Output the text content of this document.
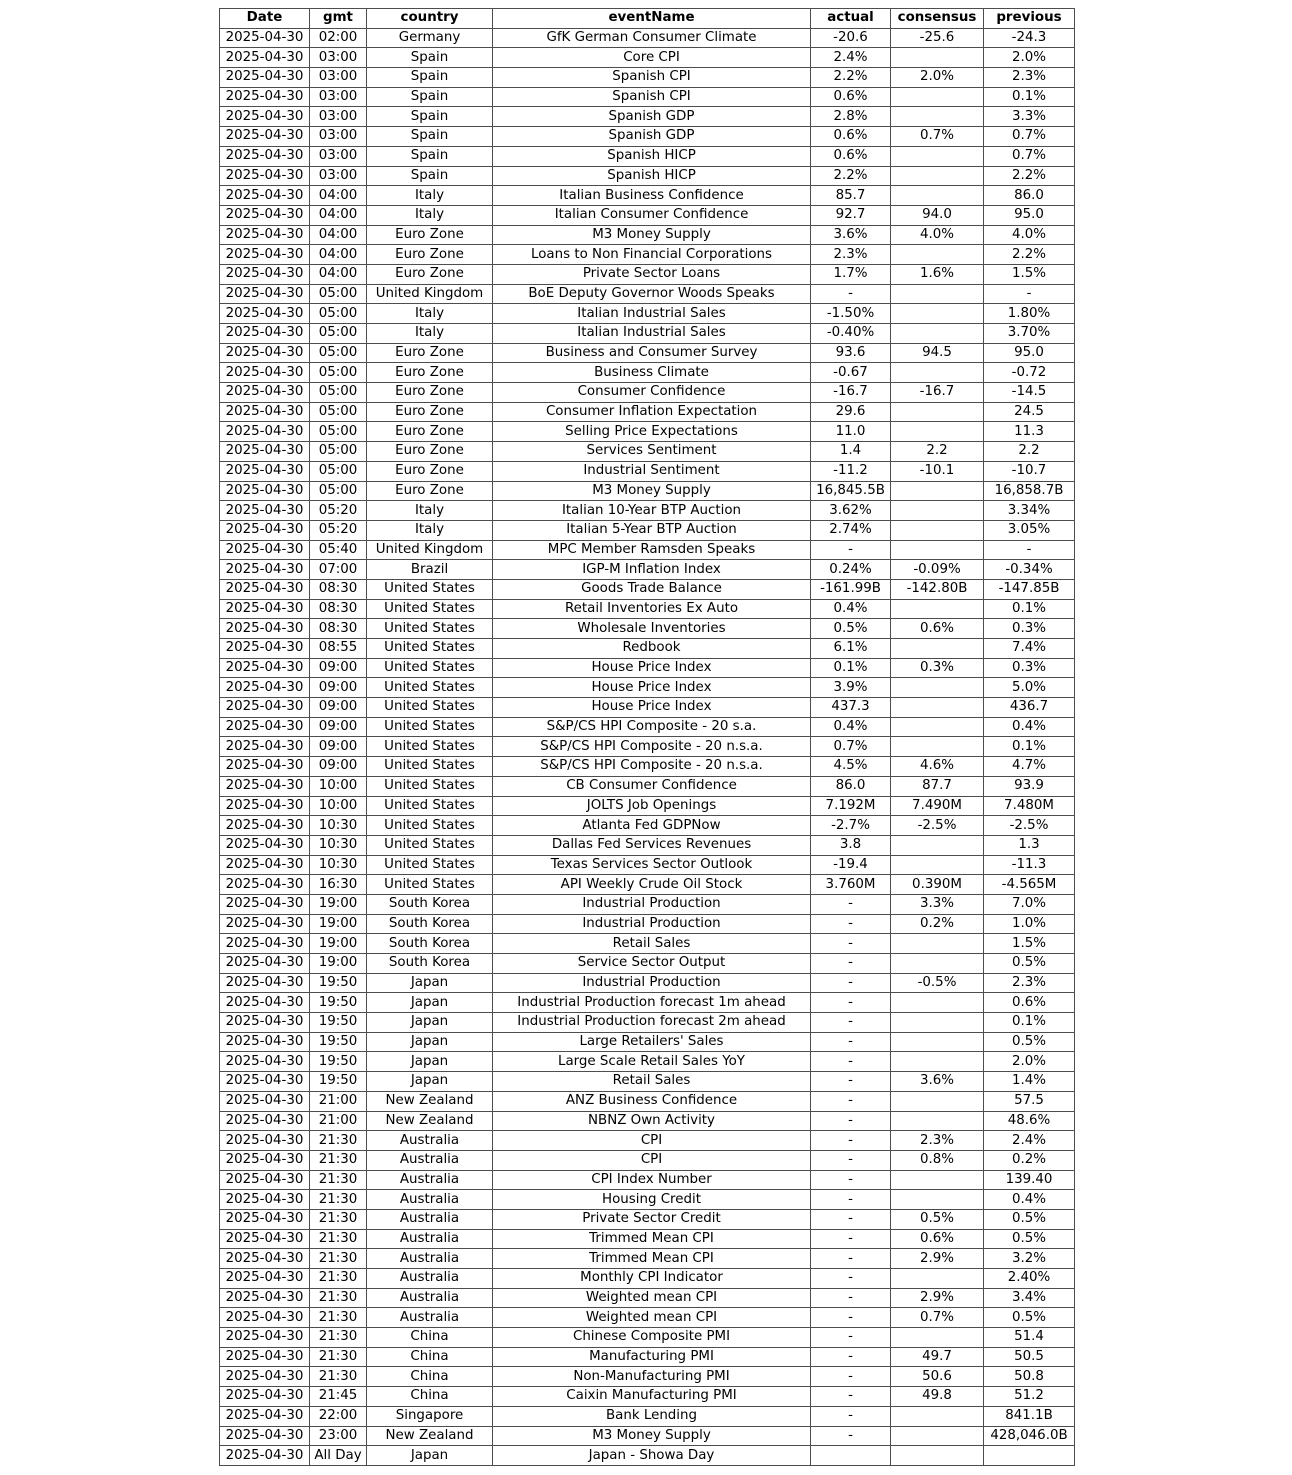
Date	gmt	country	eventName	actual	consensus	previous
2025-04-30	02:00	Germany	GfK German Consumer Climate	-20.6	-25.6	-24.3
2025-04-30	03:00	Spain	Core CPI	2.4%		2.0%
2025-04-30	03:00	Spain	Spanish CPI	2.2%	2.0%	2.3%
2025-04-30	03:00	Spain	Spanish CPI	0.6%		0.1%
2025-04-30	03:00	Spain	Spanish GDP	2.8%		3.3%
2025-04-30	03:00	Spain	Spanish GDP	0.6%	0.7%	0.7%
2025-04-30	03:00	Spain	Spanish HICP	0.6%		0.7%
2025-04-30	03:00	Spain	Spanish HICP	2.2%		2.2%
2025-04-30	04:00	Italy	Italian Business Confidence	85.7		86.0
2025-04-30	04:00	Italy	Italian Consumer Confidence	92.7	94.0	95.0
2025-04-30	04:00	Euro Zone	M3 Money Supply	3.6%	4.0%	4.0%
2025-04-30	04:00	Euro Zone	Loans to Non Financial Corporations	2.3%		2.2%
2025-04-30	04:00	Euro Zone	Private Sector Loans	1.7%	1.6%	1.5%
2025-04-30	05:00	United Kingdom	BoE Deputy Governor Woods Speaks	-		-
2025-04-30	05:00	Italy	Italian Industrial Sales	-1.50%		1.80%
2025-04-30	05:00	Italy	Italian Industrial Sales	-0.40%		3.70%
2025-04-30	05:00	Euro Zone	Business and Consumer Survey	93.6	94.5	95.0
2025-04-30	05:00	Euro Zone	Business Climate	-0.67		-0.72
2025-04-30	05:00	Euro Zone	Consumer Confidence	-16.7	-16.7	-14.5
2025-04-30	05:00	Euro Zone	Consumer Inflation Expectation	29.6		24.5
2025-04-30	05:00	Euro Zone	Selling Price Expectations	11.0		11.3
2025-04-30	05:00	Euro Zone	Services Sentiment	1.4	2.2	2.2
2025-04-30	05:00	Euro Zone	Industrial Sentiment	-11.2	-10.1	-10.7
2025-04-30	05:00	Euro Zone	M3 Money Supply	16,845.5B		16,858.7B
2025-04-30	05:20	Italy	Italian 10-Year BTP Auction	3.62%		3.34%
2025-04-30	05:20	Italy	Italian 5-Year BTP Auction	2.74%		3.05%
2025-04-30	05:40	United Kingdom	MPC Member Ramsden Speaks	-		-
2025-04-30	07:00	Brazil	IGP-M Inflation Index	0.24%	-0.09%	-0.34%
2025-04-30	08:30	United States	Goods Trade Balance	-161.99B	-142.80B	-147.85B
2025-04-30	08:30	United States	Retail Inventories Ex Auto	0.4%		0.1%
2025-04-30	08:30	United States	Wholesale Inventories	0.5%	0.6%	0.3%
2025-04-30	08:55	United States	Redbook	6.1%		7.4%
2025-04-30	09:00	United States	House Price Index	0.1%	0.3%	0.3%
2025-04-30	09:00	United States	House Price Index	3.9%		5.0%
2025-04-30	09:00	United States	House Price Index	437.3		436.7
2025-04-30	09:00	United States	S&P/CS HPI Composite - 20 s.a.	0.4%		0.4%
2025-04-30	09:00	United States	S&P/CS HPI Composite - 20 n.s.a.	0.7%		0.1%
2025-04-30	09:00	United States	S&P/CS HPI Composite - 20 n.s.a.	4.5%	4.6%	4.7%
2025-04-30	10:00	United States	CB Consumer Confidence	86.0	87.7	93.9
2025-04-30	10:00	United States	JOLTS Job Openings	7.192M	7.490M	7.480M
2025-04-30	10:30	United States	Atlanta Fed GDPNow	-2.7%	-2.5%	-2.5%
2025-04-30	10:30	United States	Dallas Fed Services Revenues	3.8		1.3
2025-04-30	10:30	United States	Texas Services Sector Outlook	-19.4		-11.3
2025-04-30	16:30	United States	API Weekly Crude Oil Stock	3.760M	0.390M	-4.565M
2025-04-30	19:00	South Korea	Industrial Production	-	3.3%	7.0%
2025-04-30	19:00	South Korea	Industrial Production	-	0.2%	1.0%
2025-04-30	19:00	South Korea	Retail Sales	-		1.5%
2025-04-30	19:00	South Korea	Service Sector Output	-		0.5%
2025-04-30	19:50	Japan	Industrial Production	-	-0.5%	2.3%
2025-04-30	19:50	Japan	Industrial Production forecast 1m ahead	-		0.6%
2025-04-30	19:50	Japan	Industrial Production forecast 2m ahead	-		0.1%
2025-04-30	19:50	Japan	Large Retailers' Sales	-		0.5%
2025-04-30	19:50	Japan	Large Scale Retail Sales YoY	-		2.0%
2025-04-30	19:50	Japan	Retail Sales	-	3.6%	1.4%
2025-04-30	21:00	New Zealand	ANZ Business Confidence	-		57.5
2025-04-30	21:00	New Zealand	NBNZ Own Activity	-		48.6%
2025-04-30	21:30	Australia	CPI	-	2.3%	2.4%
2025-04-30	21:30	Australia	CPI	-	0.8%	0.2%
2025-04-30	21:30	Australia	CPI Index Number	-		139.40
2025-04-30	21:30	Australia	Housing Credit	-		0.4%
2025-04-30	21:30	Australia	Private Sector Credit	-	0.5%	0.5%
2025-04-30	21:30	Australia	Trimmed Mean CPI	-	0.6%	0.5%
2025-04-30	21:30	Australia	Trimmed Mean CPI	-	2.9%	3.2%
2025-04-30	21:30	Australia	Monthly CPI Indicator	-		2.40%
2025-04-30	21:30	Australia	Weighted mean CPI	-	2.9%	3.4%
2025-04-30	21:30	Australia	Weighted mean CPI	-	0.7%	0.5%
2025-04-30	21:30	China	Chinese Composite PMI	-		51.4
2025-04-30	21:30	China	Manufacturing PMI	-	49.7	50.5
2025-04-30	21:30	China	Non-Manufacturing PMI	-	50.6	50.8
2025-04-30	21:45	China	Caixin Manufacturing PMI	-	49.8	51.2
2025-04-30	22:00	Singapore	Bank Lending	-		841.1B
2025-04-30	23:00	New Zealand	M3 Money Supply	-		428,046.0B
2025-04-30	All Day	Japan	Japan - Showa Day			
